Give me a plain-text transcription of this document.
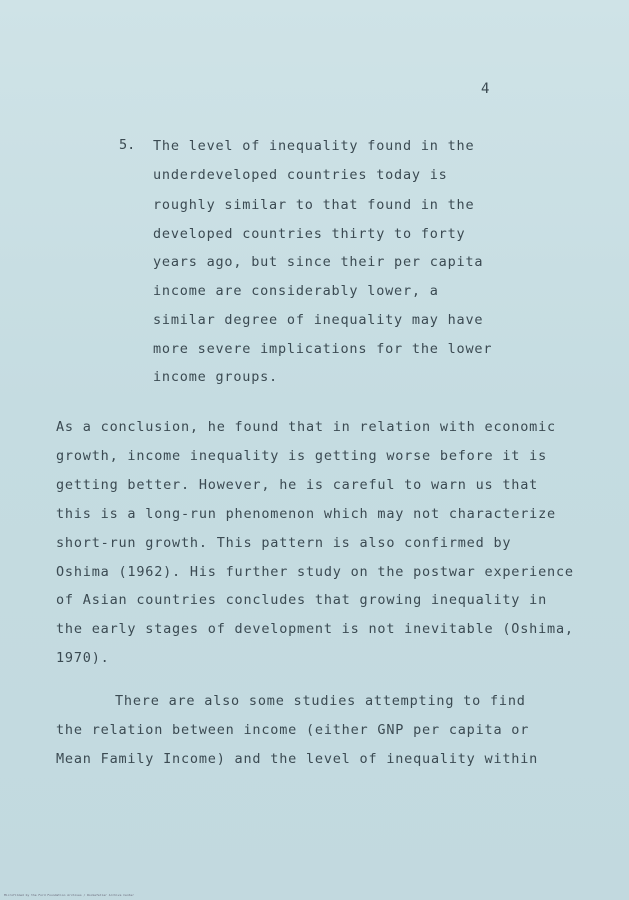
4
5. The level of inequality found in the
underdeveloped countries today is
roughly similar to that found in the
developed countries thirty to forty
years ago, but since their per capita
income are considerably lower, a
similar degree of inequality may have
more severe implications for the lower
income groups.
As a conclusion, he found that in relation with economic
growth, income inequality is getting worse before it is
getting better. However, he is careful to warn us that
this is a long-run phenomenon which may not characterize
short-run growth. This pattern is also confirmed by
Oshima (1962). His further study on the postwar experience
of Asian countries concludes that growing inequality in
the early stages of development is not inevitable (Oshima,
1970).
There are also some studies attempting to find
the relation between income (either GNP per capita or
Mean Family Income) and the level of inequality within
Microfilmed by the Ford Foundation Archives / Rockefeller Archive Center
